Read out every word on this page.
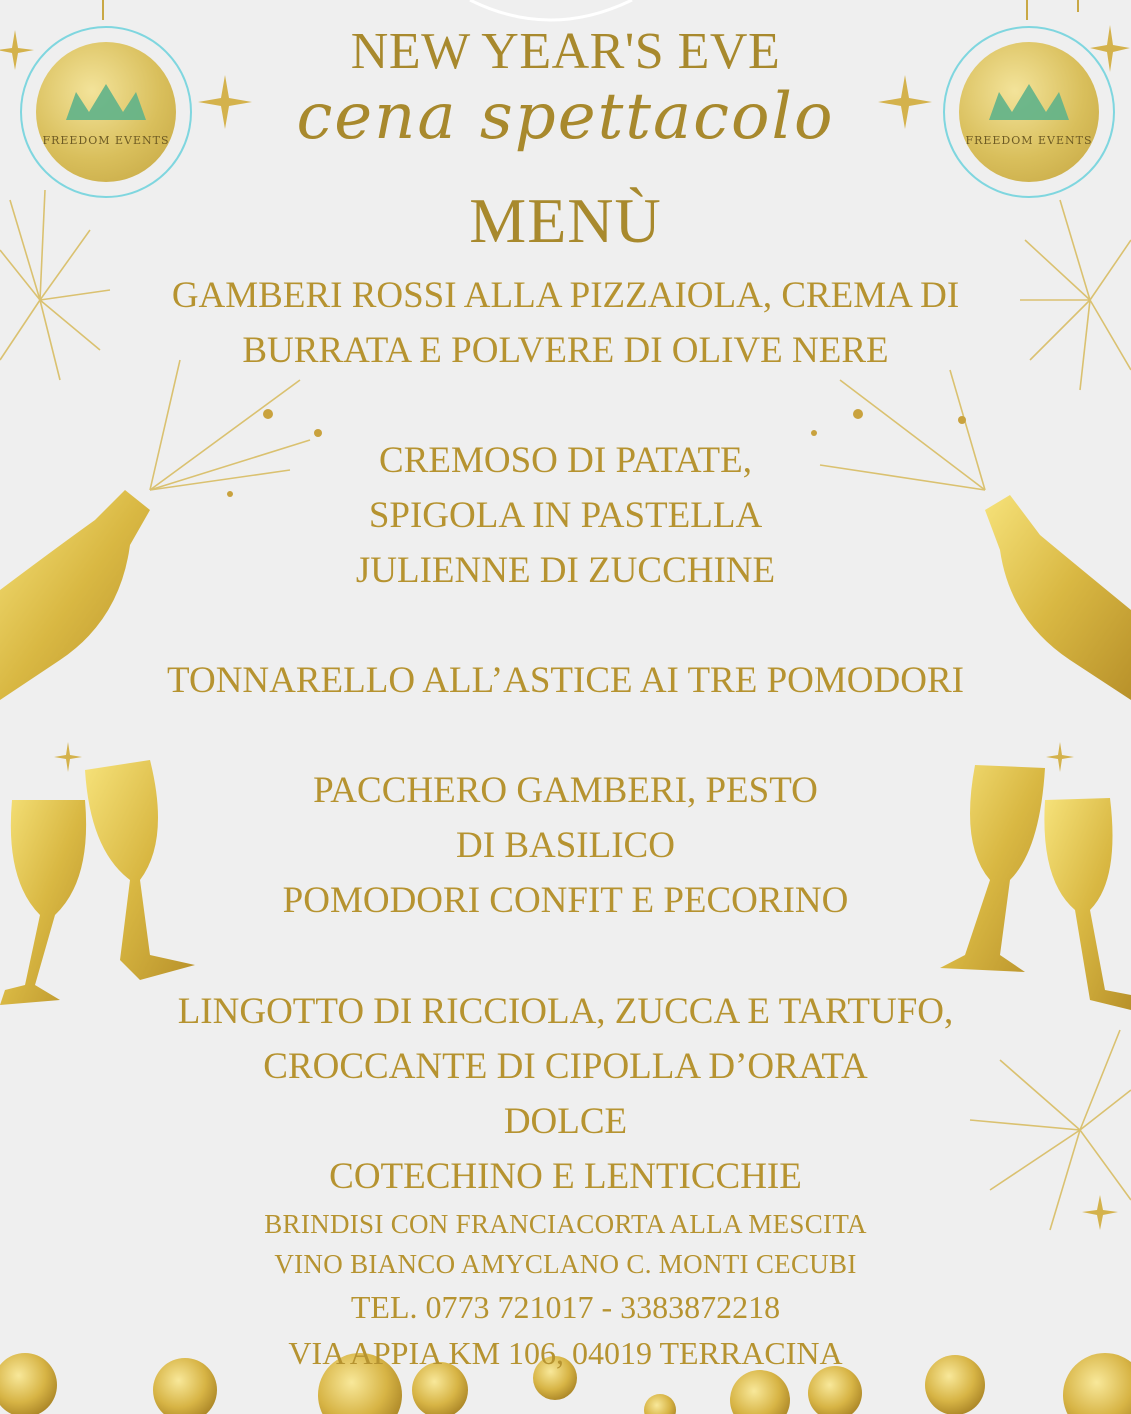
FREEDOM EVENTS	FREEDOM EVENTS
NEW YEAR'S EVE
cena spettacolo
MENÙ
GAMBERI ROSSI ALLA PIZZAIOLA, CREMA DI
BURRATA E POLVERE DI OLIVE NERE
CREMOSO DI PATATE,
SPIGOLA IN PASTELLA
JULIENNE DI ZUCCHINE
TONNARELLO ALL’ASTICE AI TRE POMODORI
PACCHERO GAMBERI, PESTO
DI BASILICO
POMODORI CONFIT E PECORINO
LINGOTTO DI RICCIOLA, ZUCCA E TARTUFO,
CROCCANTE DI CIPOLLA D’ORATA
DOLCE
COTECHINO E LENTICCHIE
BRINDISI CON FRANCIACORTA ALLA MESCITA
VINO BIANCO AMYCLANO C. MONTI CECUBI
TEL. 0773 721017 - 3383872218
VIA APPIA KM 106, 04019 TERRACINA
